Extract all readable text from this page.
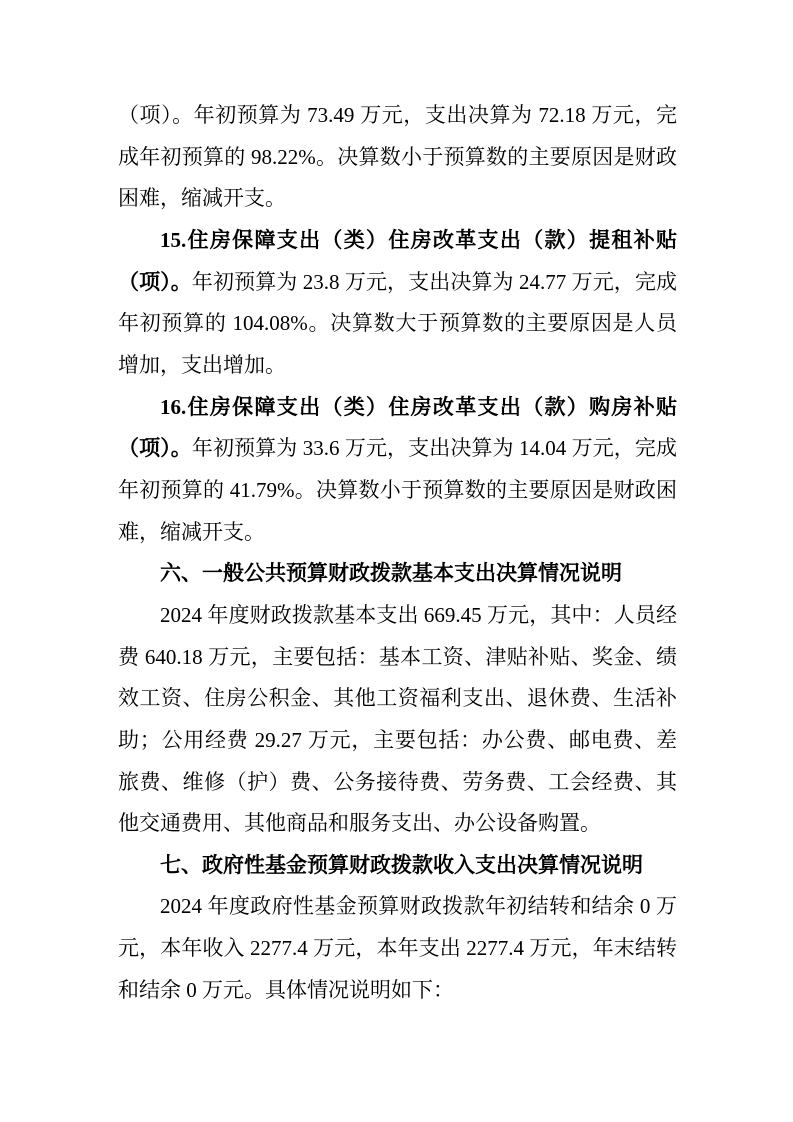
（项）。年初预算为 73.49 万元，支出决算为 72.18 万元，完成年初预算的 98.22%。决算数小于预算数的主要原因是财政困难，缩减开支。

15.住房保障支出（类）住房改革支出（款）提租补贴（项）。年初预算为 23.8 万元，支出决算为 24.77 万元，完成年初预算的 104.08%。决算数大于预算数的主要原因是人员增加，支出增加。

16.住房保障支出（类）住房改革支出（款）购房补贴（项）。年初预算为 33.6 万元，支出决算为 14.04 万元，完成年初预算的 41.79%。决算数小于预算数的主要原因是财政困难，缩减开支。

六、一般公共预算财政拨款基本支出决算情况说明

2024 年度财政拨款基本支出 669.45 万元，其中：人员经费 640.18 万元，主要包括：基本工资、津贴补贴、奖金、绩效工资、住房公积金、其他工资福利支出、退休费、生活补助；公用经费 29.27 万元，主要包括：办公费、邮电费、差旅费、维修（护）费、公务接待费、劳务费、工会经费、其他交通费用、其他商品和服务支出、办公设备购置。

七、政府性基金预算财政拨款收入支出决算情况说明

2024 年度政府性基金预算财政拨款年初结转和结余 0 万元，本年收入 2277.4 万元，本年支出 2277.4 万元，年末结转和结余 0 万元。具体情况说明如下：
